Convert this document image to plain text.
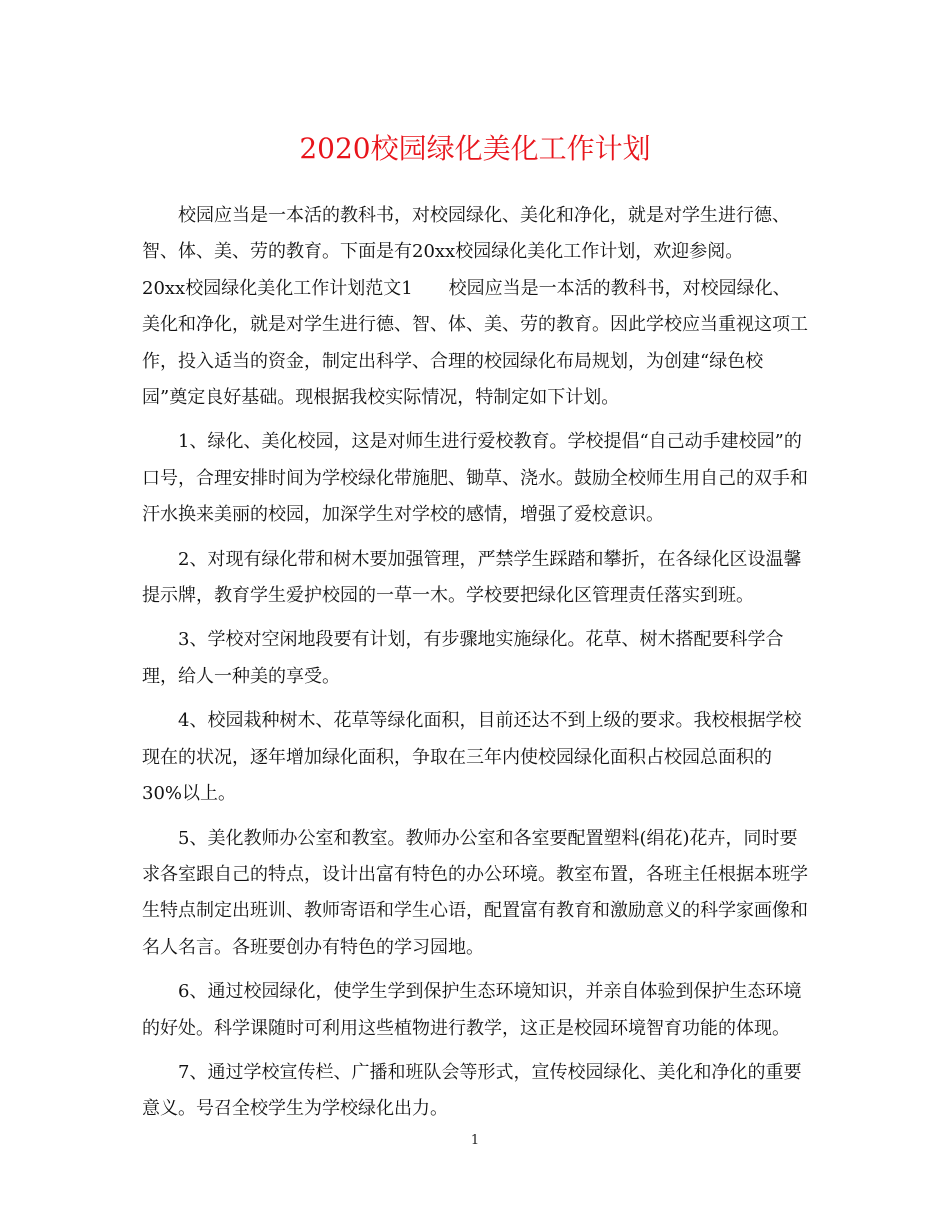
2020校园绿化美化工作计划

校园应当是一本活的教科书，对校园绿化、美化和净化，就是对学生进行德、智、体、美、劳的教育。下面是有20xx校园绿化美化工作计划，欢迎参阅。

20xx校园绿化美化工作计划范文1　　校园应当是一本活的教科书，对校园绿化、美化和净化，就是对学生进行德、智、体、美、劳的教育。因此学校应当重视这项工作，投入适当的资金，制定出科学、合理的校园绿化布局规划，为创建“绿色校园”奠定良好基础。现根据我校实际情况，特制定如下计划。

1、绿化、美化校园，这是对师生进行爱校教育。学校提倡“自己动手建校园”的口号，合理安排时间为学校绿化带施肥、锄草、浇水。鼓励全校师生用自己的双手和汗水换来美丽的校园，加深学生对学校的感情，增强了爱校意识。

2、对现有绿化带和树木要加强管理，严禁学生踩踏和攀折，在各绿化区设温馨提示牌，教育学生爱护校园的一草一木。学校要把绿化区管理责任落实到班。

3、学校对空闲地段要有计划，有步骤地实施绿化。花草、树木搭配要科学合理，给人一种美的享受。

4、校园栽种树木、花草等绿化面积，目前还达不到上级的要求。我校根据学校现在的状况，逐年增加绿化面积，争取在三年内使校园绿化面积占校园总面积的30%以上。

5、美化教师办公室和教室。教师办公室和各室要配置塑料(绢花)花卉，同时要求各室跟自己的特点，设计出富有特色的办公环境。教室布置，各班主任根据本班学生特点制定出班训、教师寄语和学生心语，配置富有教育和激励意义的科学家画像和名人名言。各班要创办有特色的学习园地。

6、通过校园绿化，使学生学到保护生态环境知识，并亲自体验到保护生态环境的好处。科学课随时可利用这些植物进行教学，这正是校园环境智育功能的体现。

7、通过学校宣传栏、广播和班队会等形式，宣传校园绿化、美化和净化的重要意义。号召全校学生为学校绿化出力。

1
